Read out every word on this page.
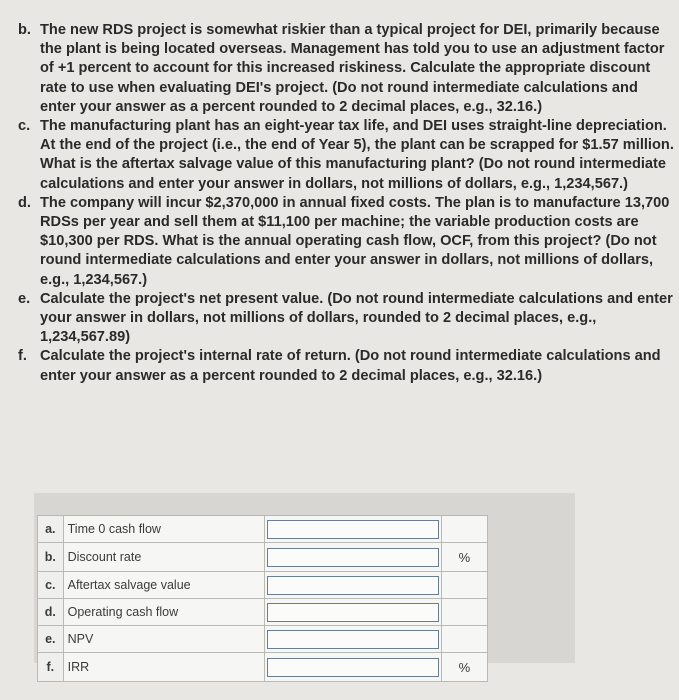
b. The new RDS project is somewhat riskier than a typical project for DEI, primarily because the plant is being located overseas. Management has told you to use an adjustment factor of +1 percent to account for this increased riskiness. Calculate the appropriate discount rate to use when evaluating DEI's project. (Do not round intermediate calculations and enter your answer as a percent rounded to 2 decimal places, e.g., 32.16.)

c. The manufacturing plant has an eight-year tax life, and DEI uses straight-line depreciation. At the end of the project (i.e., the end of Year 5), the plant can be scrapped for $1.57 million. What is the aftertax salvage value of this manufacturing plant? (Do not round intermediate calculations and enter your answer in dollars, not millions of dollars, e.g., 1,234,567.)

d. The company will incur $2,370,000 in annual fixed costs. The plan is to manufacture 13,700 RDSs per year and sell them at $11,100 per machine; the variable production costs are $10,300 per RDS. What is the annual operating cash flow, OCF, from this project? (Do not round intermediate calculations and enter your answer in dollars, not millions of dollars, e.g., 1,234,567.)

e. Calculate the project's net present value. (Do not round intermediate calculations and enter your answer in dollars, not millions of dollars, rounded to 2 decimal places, e.g., 1,234,567.89)

f. Calculate the project's internal rate of return. (Do not round intermediate calculations and enter your answer as a percent rounded to 2 decimal places, e.g., 32.16.)

a.	Time 0 cash flow	

b.	Discount rate		%
c.	Aftertax salvage value	

d.	Operating cash flow	

e.	NPV	

f.	IRR		%
